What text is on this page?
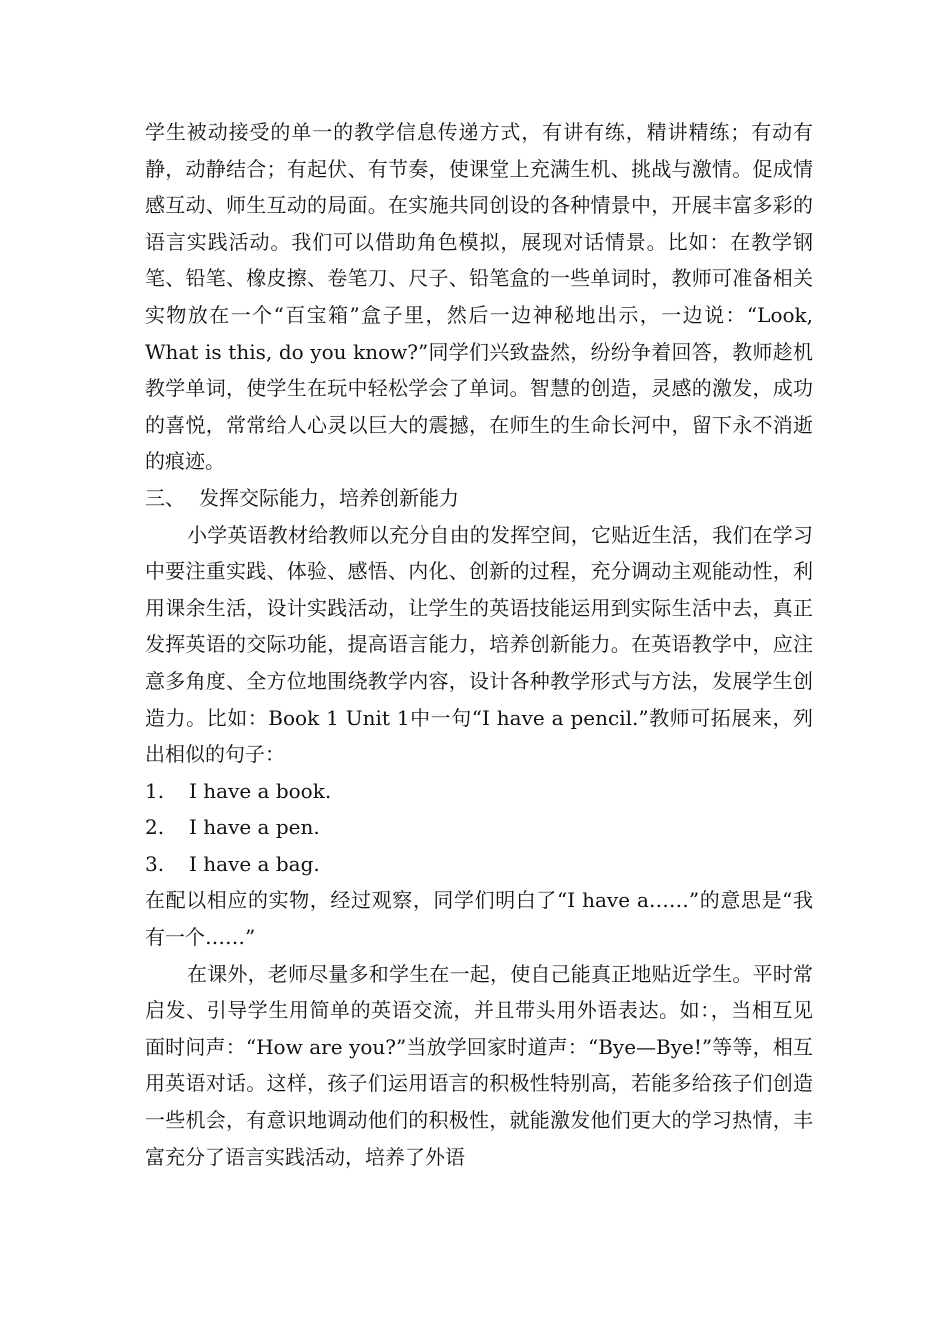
学生被动接受的单一的教学信息传递方式，有讲有练，精讲精练；有动有静，动静结合；有起伏、有节奏，使课堂上充满生机、挑战与激情。促成情感互动、师生互动的局面。在实施共同创设的各种情景中，开展丰富多彩的语言实践活动。我们可以借助角色模拟，展现对话情景。比如：在教学钢笔、铅笔、橡皮擦、卷笔刀、尺子、铅笔盒的一些单词时，教师可准备相关实物放在一个“百宝箱”盒子里，然后一边神秘地出示，一边说：“Look, What is this, do you know?”同学们兴致盎然，纷纷争着回答，教师趁机教学单词，使学生在玩中轻松学会了单词。智慧的创造，灵感的激发，成功的喜悦，常常给人心灵以巨大的震撼，在师生的生命长河中，留下永不消逝的痕迹。

三、 发挥交际能力，培养创新能力

小学英语教材给教师以充分自由的发挥空间，它贴近生活，我们在学习中要注重实践、体验、感悟、内化、创新的过程，充分调动主观能动性，利用课余生活，设计实践活动，让学生的英语技能运用到实际生活中去，真正发挥英语的交际功能，提高语言能力，培养创新能力。在英语教学中，应注意多角度、全方位地围绕教学内容，设计各种教学形式与方法，发展学生创造力。比如：Book 1 Unit 1中一句“I have a pencil.”教师可拓展来，列出相似的句子：

1.	I have a book.
2.	I have a pen.
3.	I have a bag.

在配以相应的实物，经过观察，同学们明白了“I have a……”的意思是“我有一个……”

在课外，老师尽量多和学生在一起，使自己能真正地贴近学生。平时常启发、引导学生用简单的英语交流，并且带头用外语表达。如：，当相互见面时问声：“How are you?”当放学回家时道声：“Bye—Bye!”等等，相互用英语对话。这样，孩子们运用语言的积极性特别高，若能多给孩子们创造一些机会，有意识地调动他们的积极性，就能激发他们更大的学习热情，丰富充分了语言实践活动，培养了外语
